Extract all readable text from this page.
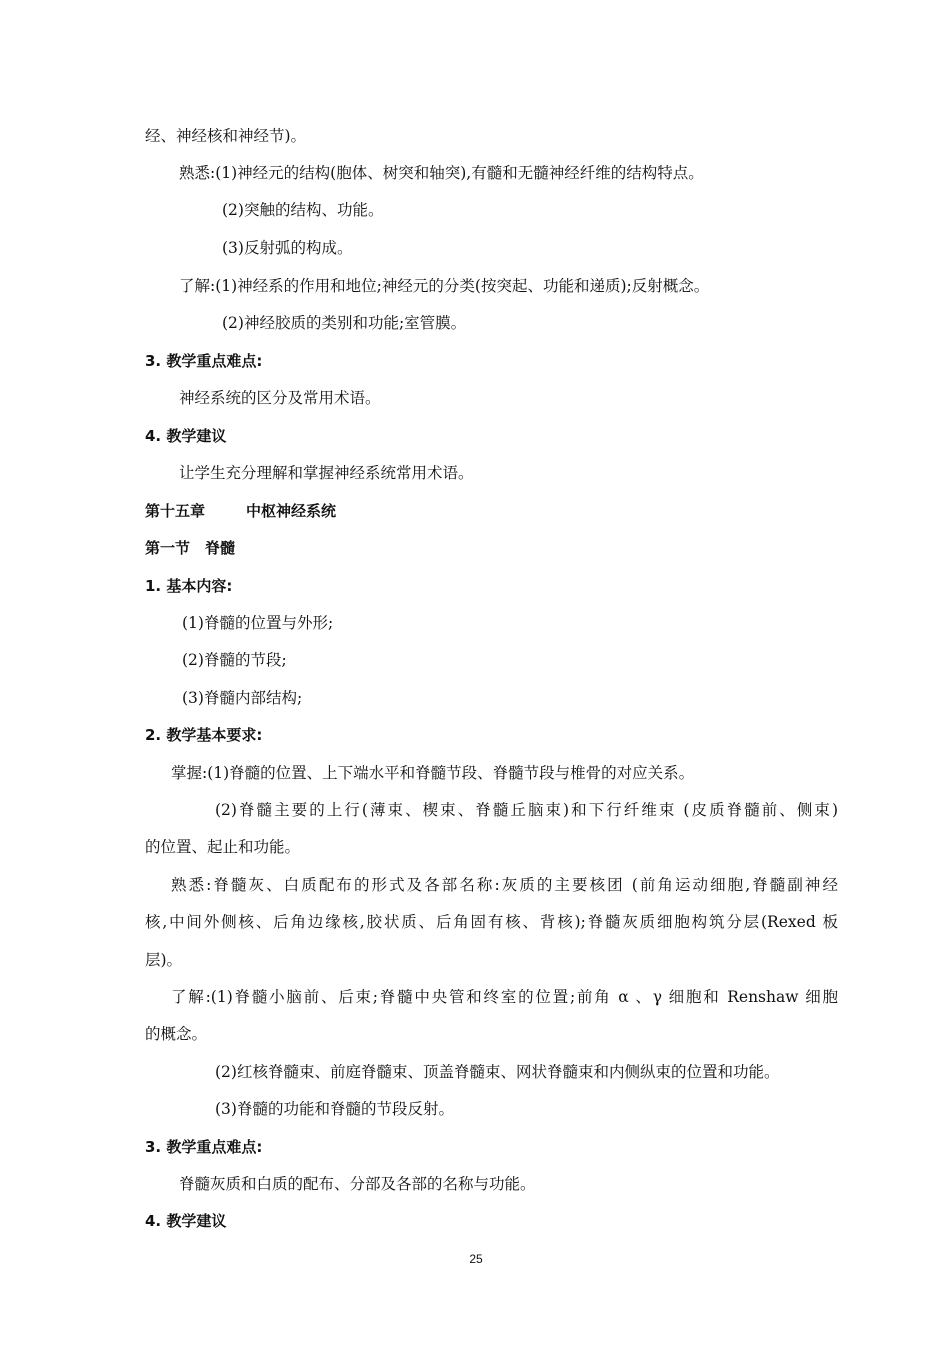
经、神经核和神经节)。
熟悉:(1)神经元的结构(胞体、树突和轴突),有髓和无髓神经纤维的结构特点。
(2)突触的结构、功能。
(3)反射弧的构成。
了解:(1)神经系的作用和地位;神经元的分类(按突起、功能和递质);反射概念。
(2)神经胶质的类别和功能;室管膜。
3. 教学重点难点:
神经系统的区分及常用术语。
4. 教学建议
让学生充分理解和掌握神经系统常用术语。
第十五章	中枢神经系统
第一节　脊髓
1. 基本内容:
(1)脊髓的位置与外形;
(2)脊髓的节段;
(3)脊髓内部结构;
2. 教学基本要求:
掌握:(1)脊髓的位置、上下端水平和脊髓节段、脊髓节段与椎骨的对应关系。
(2)脊髓主要的上行(薄束、楔束、脊髓丘脑束)和下行纤维束 (皮质脊髓前、侧束)
的位置、起止和功能。
熟悉:脊髓灰、白质配布的形式及各部名称:灰质的主要核团 (前角运动细胞,脊髓副神经
核,中间外侧核、后角边缘核,胶状质、后角固有核、背核);脊髓灰质细胞构筑分层(Rexed 板
层)。
了解:(1)脊髓小脑前、后束;脊髓中央管和终室的位置;前角 α 、γ 细胞和 Renshaw 细胞
的概念。
(2)红核脊髓束、前庭脊髓束、顶盖脊髓束、网状脊髓束和内侧纵束的位置和功能。
(3)脊髓的功能和脊髓的节段反射。
3. 教学重点难点:
脊髓灰质和白质的配布、分部及各部的名称与功能。
4. 教学建议
25
